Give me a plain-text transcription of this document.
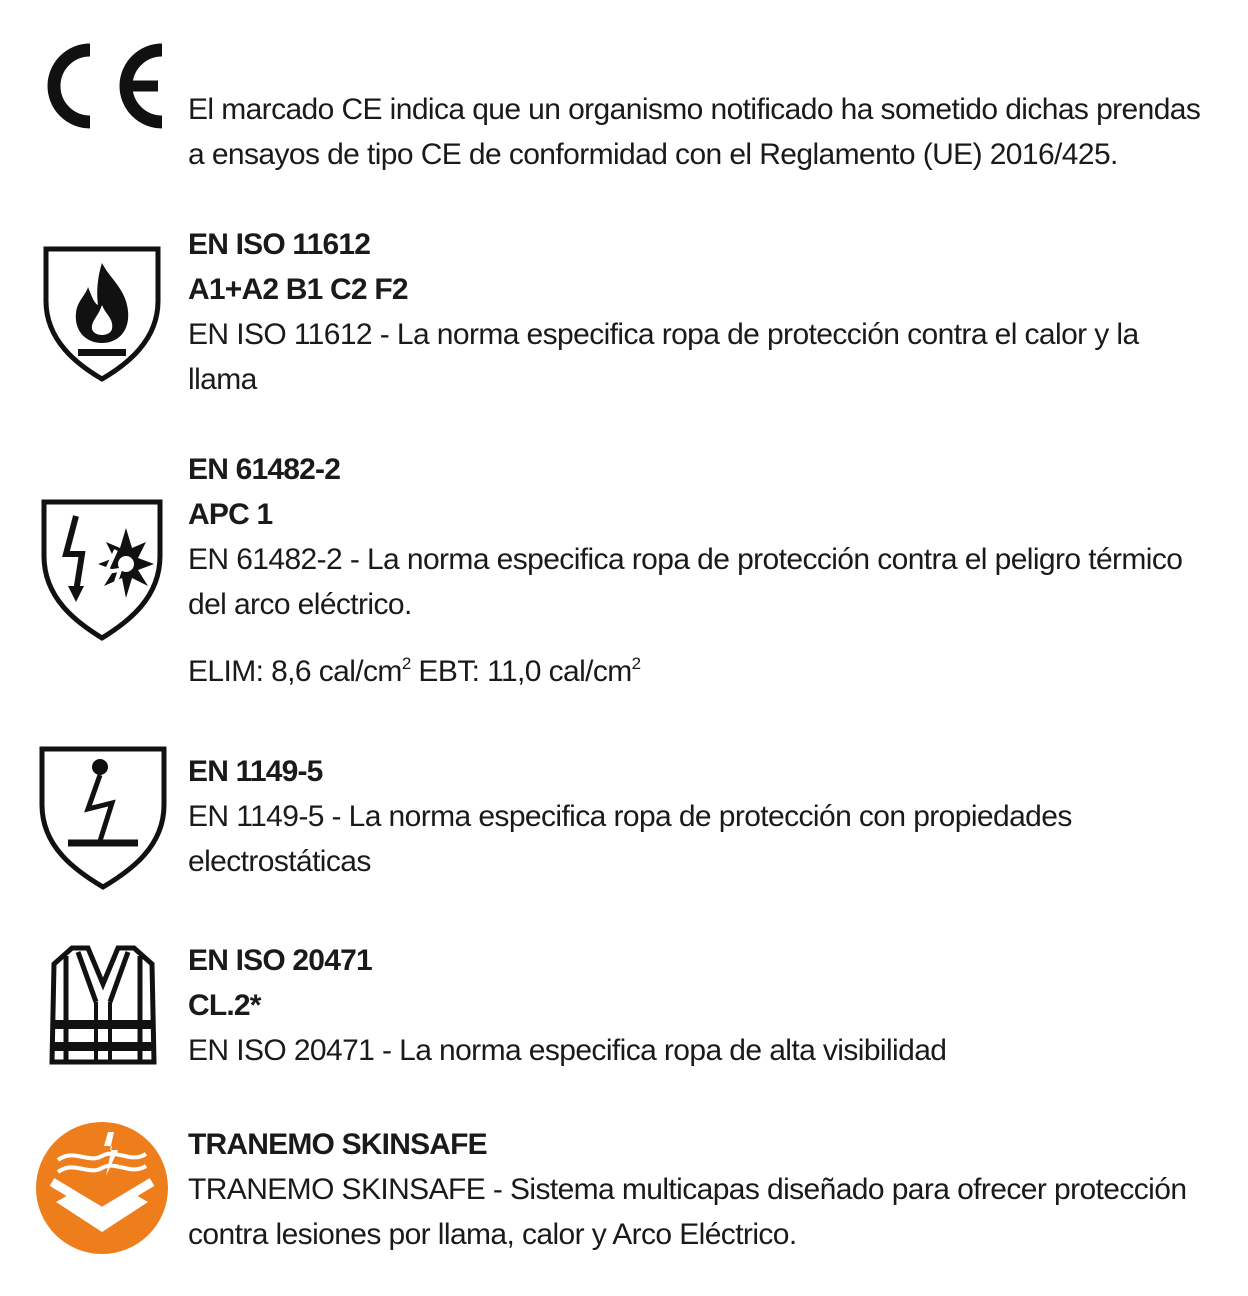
El marcado CE indica que un organismo notificado ha sometido dichas prendas
a ensayos de tipo CE de conformidad con el Reglamento (UE) 2016/425.
EN ISO 11612
A1+A2 B1 C2 F2
EN ISO 11612 - La norma especifica ropa de protección contra el calor y la
llama
EN 61482-2
APC 1
EN 61482-2 - La norma especifica ropa de protección contra el peligro térmico
del arco eléctrico.
ELIM: 8,6 cal/$cm^2$ EBT: 11,0 cal/$cm^2$
EN 1149-5
EN 1149-5 - La norma especifica ropa de protección con propiedades
electrostáticas
EN ISO 20471
CL.2*
EN ISO 20471 - La norma especifica ropa de alta visibilidad
TRANEMO SKINSAFE
TRANEMO SKINSAFE - Sistema multicapas diseñado para ofrecer protección
contra lesiones por llama, calor y Arco Eléctrico.
